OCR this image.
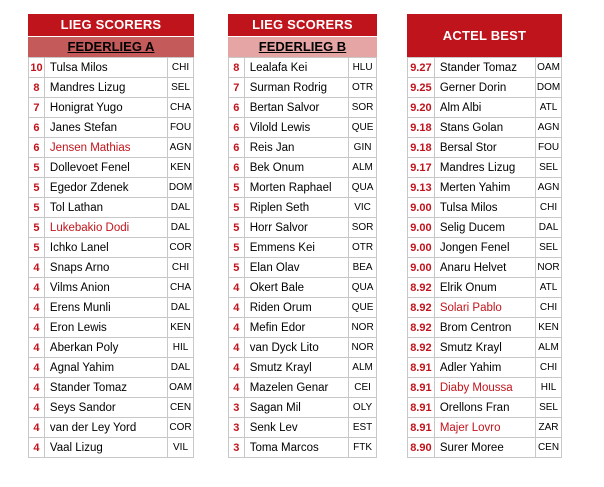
LIEG SCORERS
FEDERLIEG A
10	Tulsa Milos	CHI
8	Mandres Lizug	SEL
7	Honigrat Yugo	CHA
6	Janes Stefan	FOU
6	Jensen Mathias	AGN
5	Dollevoet Fenel	KEN
5	Egedor Zdenek	DOM
5	Tol Lathan	DAL
5	Lukebakio Dodi	DAL
5	Ichko Lanel	COR
4	Snaps Arno	CHI
4	Vilms Anion	CHA
4	Erens Munli	DAL
4	Eron Lewis	KEN
4	Aberkan Poly	HIL
4	Agnal Yahim	DAL
4	Stander Tomaz	OAM
4	Seys Sandor	CEN
4	van der Ley Yord	COR
4	Vaal Lizug	VIL
LIEG SCORERS
FEDERLIEG B
8	Lealafa Kei	HLU
7	Surman Rodrig	OTR
6	Bertan Salvor	SOR
6	Vilold Lewis	QUE
6	Reis Jan	GIN
6	Bek Onum	ALM
5	Morten Raphael	QUA
5	Riplen Seth	VIC
5	Horr Salvor	SOR
5	Emmens Kei	OTR
5	Elan Olav	BEA
4	Okert Bale	QUA
4	Riden Orum	QUE
4	Mefin Edor	NOR
4	van Dyck Lito	NOR
4	Smutz Krayl	ALM
4	Mazelen Genar	CEI
3	Sagan Mil	OLY
3	Senk Lev	EST
3	Toma Marcos	FTK
ACTEL BEST
9.27	Stander Tomaz	OAM
9.25	Gerner Dorin	DOM
9.20	Alm Albi	ATL
9.18	Stans Golan	AGN
9.18	Bersal Stor	FOU
9.17	Mandres Lizug	SEL
9.13	Merten Yahim	AGN
9.00	Tulsa Milos	CHI
9.00	Selig Ducem	DAL
9.00	Jongen Fenel	SEL
9.00	Anaru Helvet	NOR
8.92	Elrik Onum	ATL
8.92	Solari Pablo	CHI
8.92	Brom Centron	KEN
8.92	Smutz Krayl	ALM
8.91	Adler Yahim	CHI
8.91	Diaby Moussa	HIL
8.91	Orellons Fran	SEL
8.91	Majer Lovro	ZAR
8.90	Surer Moree	CEN
